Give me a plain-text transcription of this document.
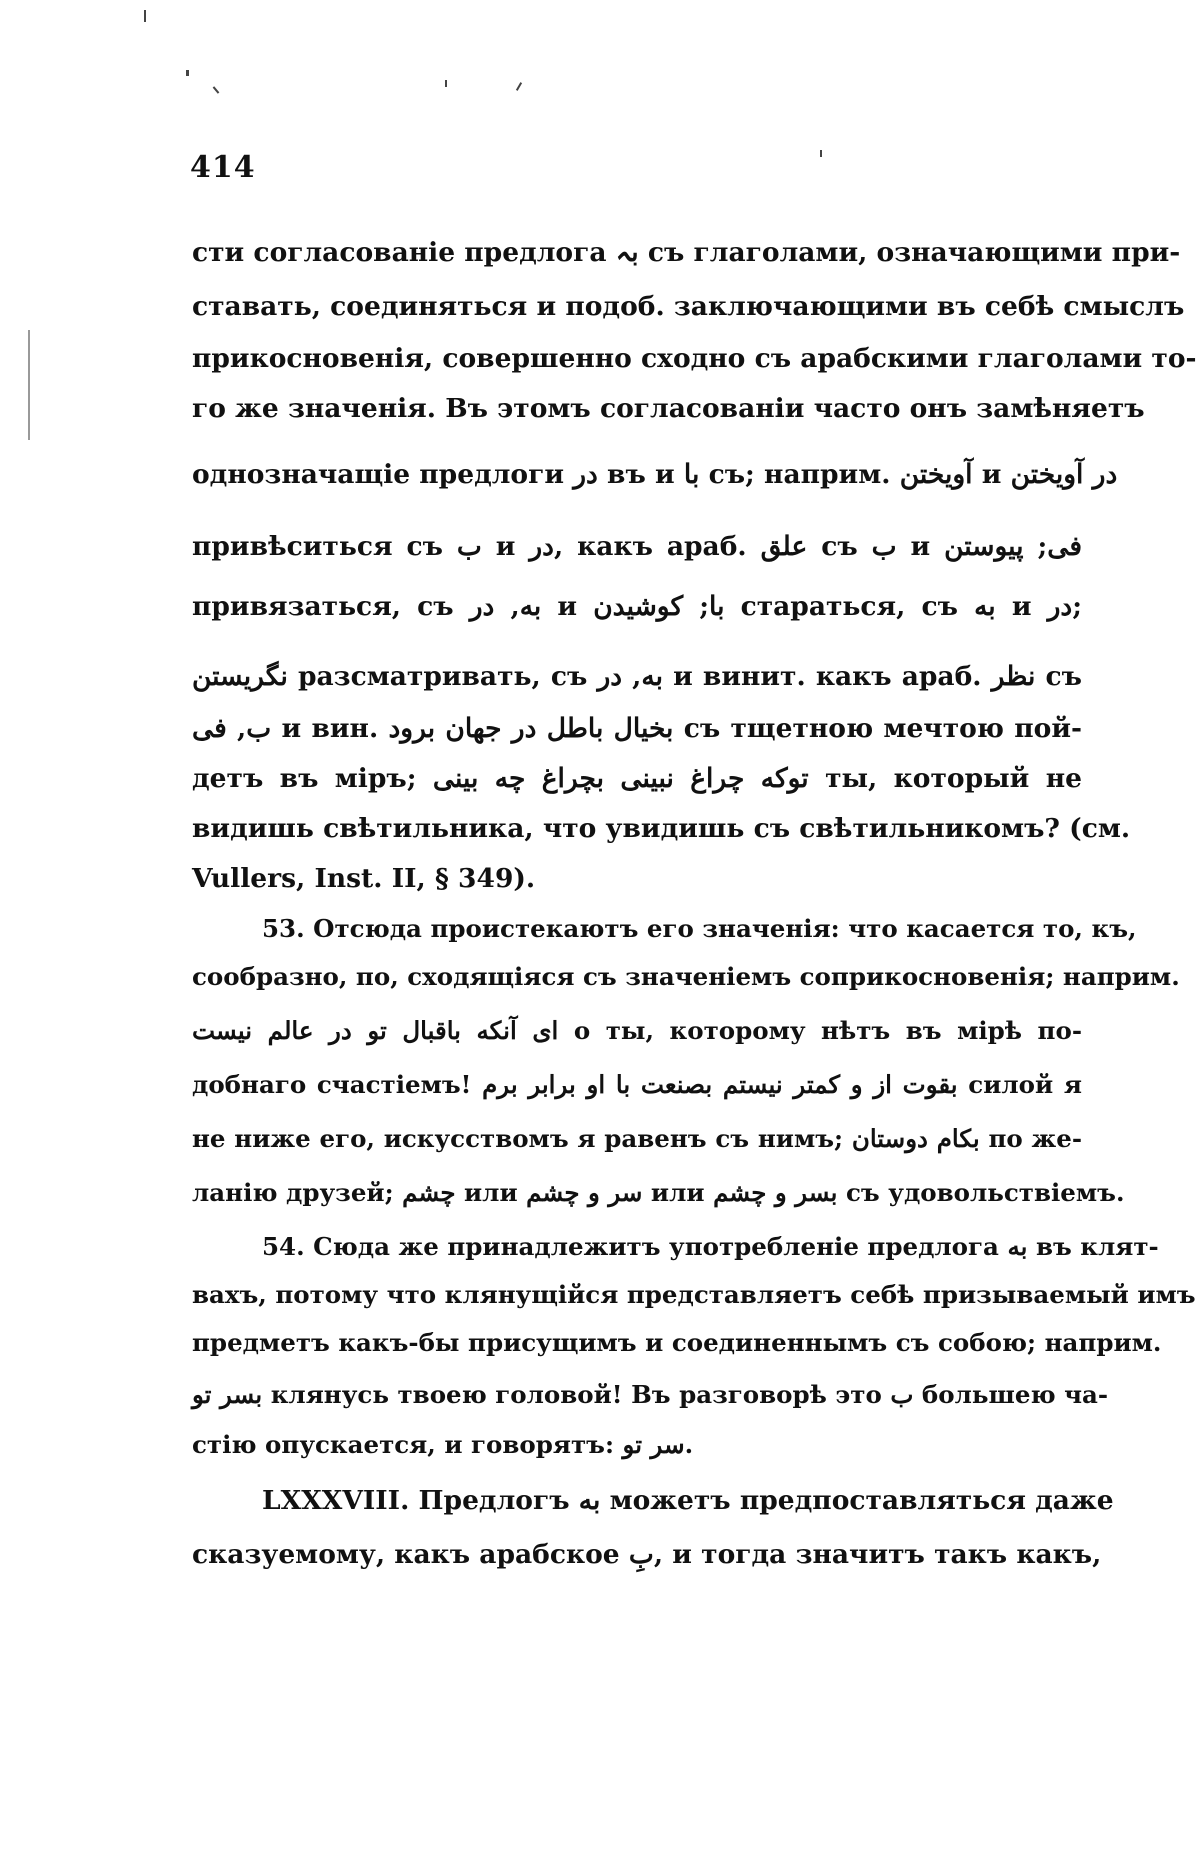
414
сти согласованіе предлога بہ съ глаголами, означающими при-
ставать, соединяться и подоб. заключающими въ себѣ смыслъ
прикосновенія, совершенно сходно съ арабскими глаголами то-
го же значенія. Въ этомъ согласованіи часто онъ замѣняетъ
однозначащіе предлоги در въ и با съ; наприм. آویختن и در آویختن
привѣситься съ ب и در, какъ араб. علق съ ب и فی; پیوستن
привязаться, съ به, در и با; کوشیدن стараться, съ به и در;
نگریستن разсматривать, съ به, در и винит. какъ араб. نظر съ
ب, فی и вин. بخیال باطل در جهان برود съ тщетною мечтою пой-
детъ въ міръ; توکه چراغ نبینی بچراغ چه بینی ты, который не
видишь свѣтильника, что увидишь съ свѣтильникомъ? (см.
Vullers, Inst. II, § 349).
53. Отсюда проистекаютъ его значенія: что касается то, къ,
сообразно, по, сходящіяся съ значеніемъ соприкосновенія; наприм.
ای آنکه باقبال تو در عالم نیست о ты, которому нѣтъ въ мірѣ по-
добнаго счастіемъ! بقوت از و کمتر نیستم بصنعت با او برابر برم силой я
не ниже его, искусствомъ я равенъ съ нимъ; بکام دوستان по же-
ланію друзей; چشم или سر و چشم или بسر و چشم съ удовольствіемъ.
54. Сюда же принадлежитъ употребленіе предлога به въ клят-
вахъ, потому что клянущійся представляетъ себѣ призываемый имъ
предметъ какъ-бы присущимъ и соединеннымъ съ собою; наприм.
بسر تو клянусь твоею головой! Въ разговорѣ это ب большею ча-
стію опускается, и говорятъ: سر تو.
LXXXVIII. Предлогъ به можетъ предпоставляться даже
сказуемому, какъ арабское بِ, и тогда значитъ такъ какъ,
